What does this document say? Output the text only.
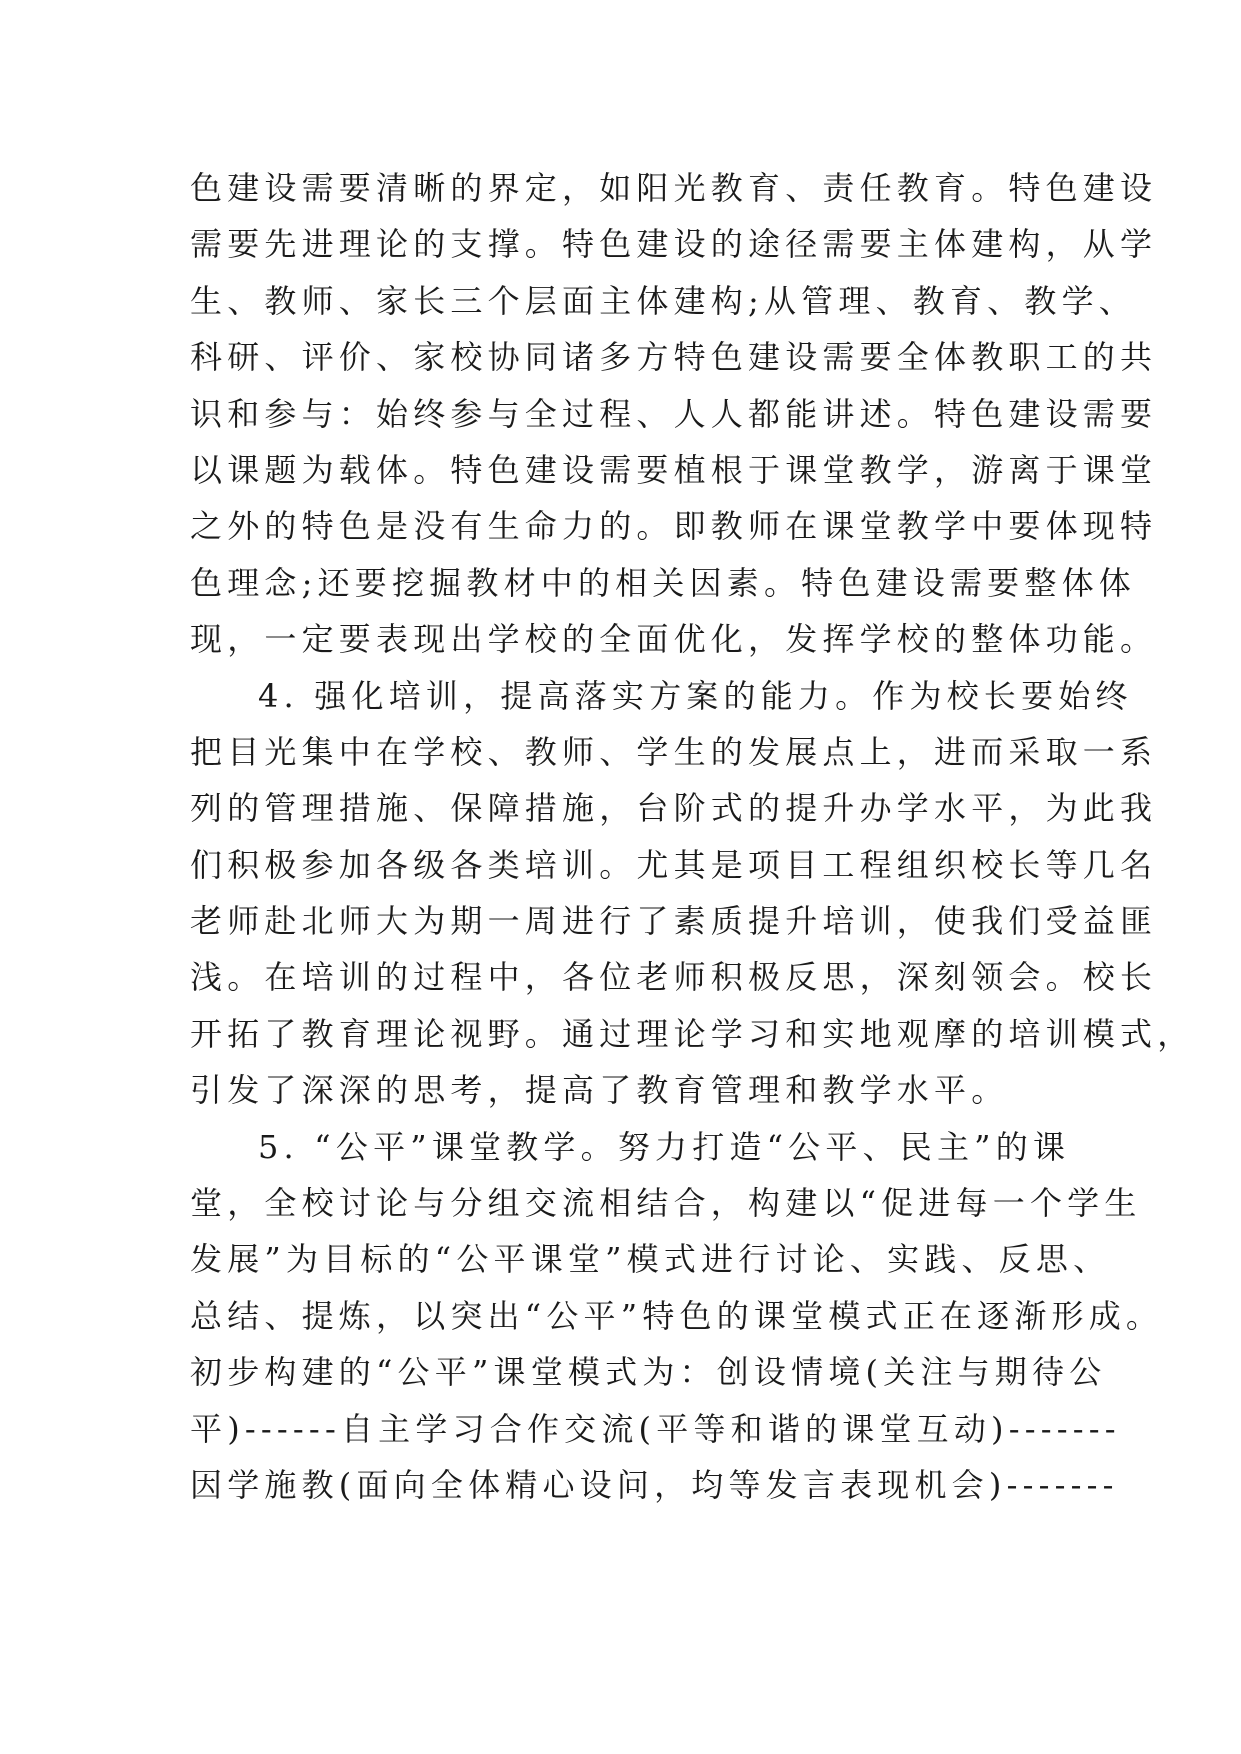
色建设需要清晰的界定，如阳光教育、责任教育。特色建设
需要先进理论的支撑。特色建设的途径需要主体建构，从学
生、教师、家长三个层面主体建构;从管理、教育、教学、
科研、评价、家校协同诸多方特色建设需要全体教职工的共
识和参与：始终参与全过程、人人都能讲述。特色建设需要
以课题为载体。特色建设需要植根于课堂教学，游离于课堂
之外的特色是没有生命力的。即教师在课堂教学中要体现特
色理念;还要挖掘教材中的相关因素。特色建设需要整体体
现，一定要表现出学校的全面优化，发挥学校的整体功能。
4. 强化培训，提高落实方案的能力。作为校长要始终
把目光集中在学校、教师、学生的发展点上，进而采取一系
列的管理措施、保障措施，台阶式的提升办学水平，为此我
们积极参加各级各类培训。尤其是项目工程组织校长等几名
老师赴北师大为期一周进行了素质提升培训，使我们受益匪
浅。在培训的过程中，各位老师积极反思，深刻领会。校长
开拓了教育理论视野。通过理论学习和实地观摩的培训模式，
引发了深深的思考，提高了教育管理和教学水平。
5. “公平”课堂教学。努力打造“公平、民主”的课
堂，全校讨论与分组交流相结合，构建以“促进每一个学生
发展”为目标的“公平课堂”模式进行讨论、实践、反思、
总结、提炼，以突出“公平”特色的课堂模式正在逐渐形成。
初步构建的“公平”课堂模式为：创设情境(关注与期待公
平)------自主学习合作交流(平等和谐的课堂互动)-------
因学施教(面向全体精心设问，均等发言表现机会)-------
